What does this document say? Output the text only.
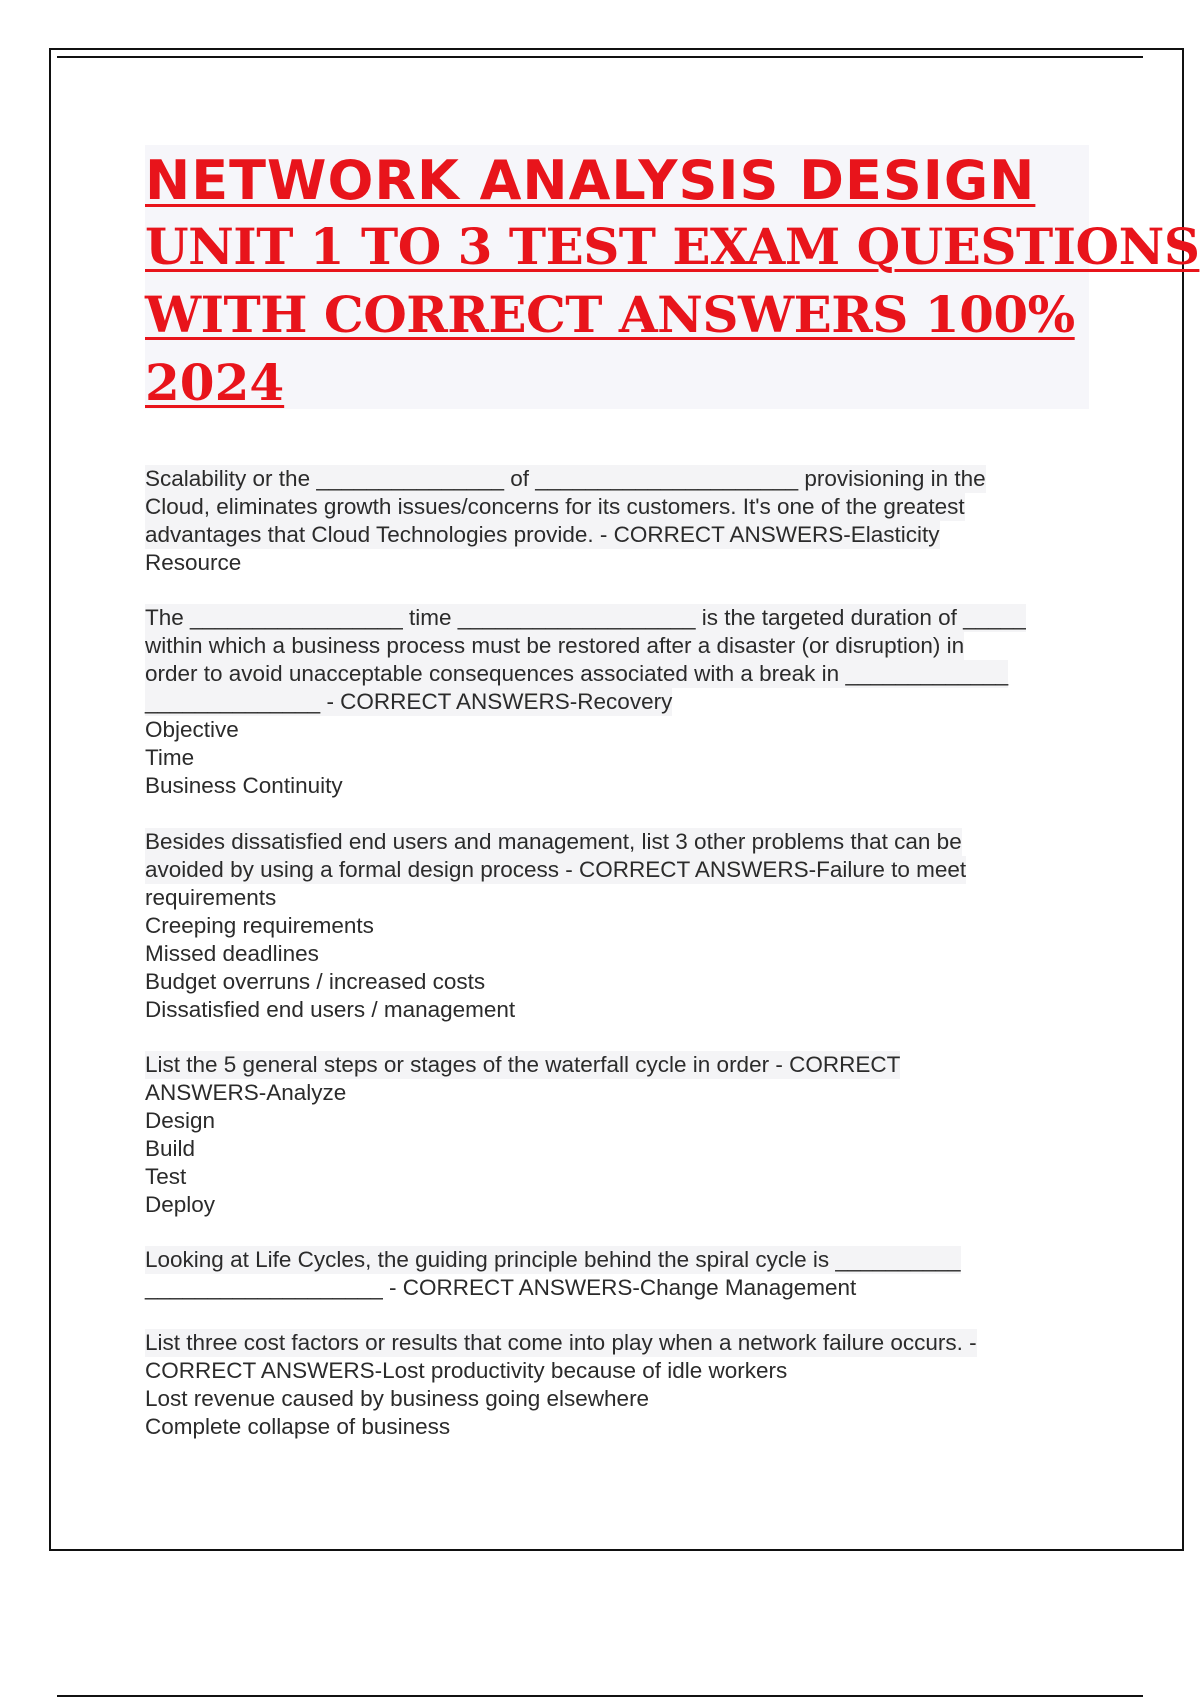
NETWORK ANALYSIS DESIGN

UNIT 1 TO 3 TEST EXAM QUESTIONS

WITH CORRECT ANSWERS 100%

2024

Scalability or the _______________ of _____________________ provisioning in the Cloud, eliminates growth issues/concerns for its customers. It's one of the greatest advantages that Cloud Technologies provide. - CORRECT ANSWERS-Elasticity
Resource
The _________________ time ___________________ is the targeted duration of _____ within which a business process must be restored after a disaster (or disruption) in order to avoid unacceptable consequences associated with a break in _____________ ______________ - CORRECT ANSWERS-Recovery
Objective
Time
Business Continuity
Besides dissatisfied end users and management, list 3 other problems that can be avoided by using a formal design process - CORRECT ANSWERS-Failure to meet
requirements
Creeping requirements
Missed deadlines
Budget overruns / increased costs
Dissatisfied end users / management
List the 5 general steps or stages of the waterfall cycle in order - CORRECT
ANSWERS-Analyze
Design
Build
Test
Deploy
Looking at Life Cycles, the guiding principle behind the spiral cycle is __________
___________________ - CORRECT ANSWERS-Change Management
List three cost factors or results that come into play when a network failure occurs. -
CORRECT ANSWERS-Lost productivity because of idle workers
Lost revenue caused by business going elsewhere
Complete collapse of business
